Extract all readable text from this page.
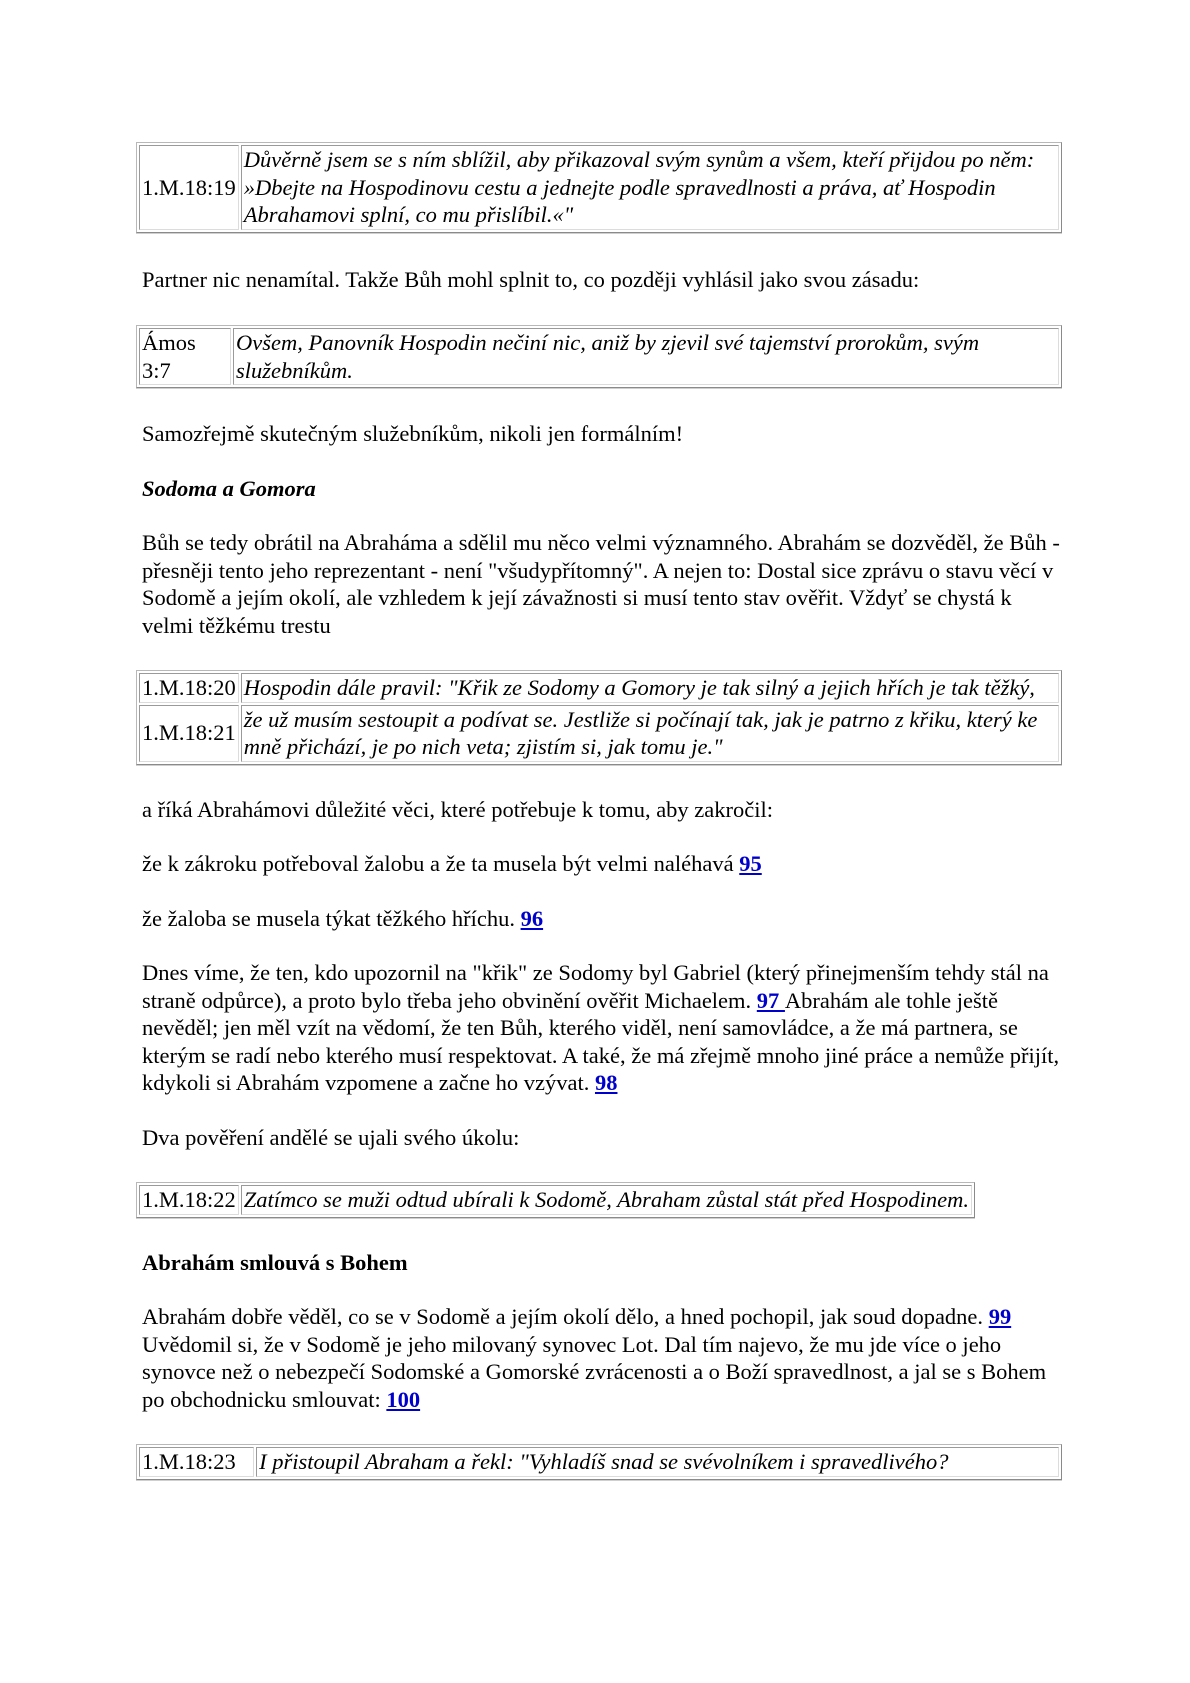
1.M.18:19	Důvěrně jsem se s ním sblížil, aby přikazoval svým synům a všem, kteří přijdou po něm: »Dbejte na Hospodinovu cestu a jednejte podle spravedlnosti a práva, ať Hospodin Abrahamovi splní, co mu přislíbil.«"

Partner nic nenamítal. Takže Bůh mohl splnit to, co později vyhlásil jako svou zásadu:

Ámos 3:7	Ovšem, Panovník Hospodin nečiní nic, aniž by zjevil své tajemství prorokům, svým služebníkům.

Samozřejmě skutečným služebníkům, nikoli jen formálním!

Sodoma a Gomora

Bůh se tedy obrátil na Abraháma a sdělil mu něco velmi významného. Abrahám se dozvěděl, že Bůh - přesněji tento jeho reprezentant - není "všudypřítomný". A nejen to: Dostal sice zprávu o stavu věcí v Sodomě a jejím okolí, ale vzhledem k její závažnosti si musí tento stav ověřit. Vždyť se chystá k velmi těžkému trestu

1.M.18:20	Hospodin dále pravil: "Křik ze Sodomy a Gomory je tak silný a jejich hřích je tak těžký,
1.M.18:21	že už musím sestoupit a podívat se. Jestliže si počínají tak, jak je patrno z křiku, který ke mně přichází, je po nich veta; zjistím si, jak tomu je."

a říká Abrahámovi důležité věci, které potřebuje k tomu, aby zakročil:

že k zákroku potřeboval žalobu a že ta musela být velmi naléhavá 95

že žaloba se musela týkat těžkého hříchu. 96

Dnes víme, že ten, kdo upozornil na "křik" ze Sodomy byl Gabriel (který přinejmenším tehdy stál na straně odpůrce), a proto bylo třeba jeho obvinění ověřit Michaelem. 97 Abrahám ale tohle ještě nevěděl; jen měl vzít na vědomí, že ten Bůh, kterého viděl, není samovládce, a že má partnera, se kterým se radí nebo kterého musí respektovat. A také, že má zřejmě mnoho jiné práce a nemůže přijít, kdykoli si Abrahám vzpomene a začne ho vzývat. 98

Dva pověření andělé se ujali svého úkolu:

1.M.18:22	Zatímco se muži odtud ubírali k Sodomě, Abraham zůstal stát před Hospodinem.
Abrahám smlouvá s Bohem

Abrahám dobře věděl, co se v Sodomě a jejím okolí dělo, a hned pochopil, jak soud dopadne. 99 Uvědomil si, že v Sodomě je jeho milovaný synovec Lot. Dal tím najevo, že mu jde více o jeho synovce než o nebezpečí Sodomské a Gomorské zvrácenosti a o Boží spravedlnost, a jal se s Bohem po obchodnicku smlouvat: 100

1.M.18:23	I přistoupil Abraham a řekl: "Vyhladíš snad se svévolníkem i spravedlivého?
